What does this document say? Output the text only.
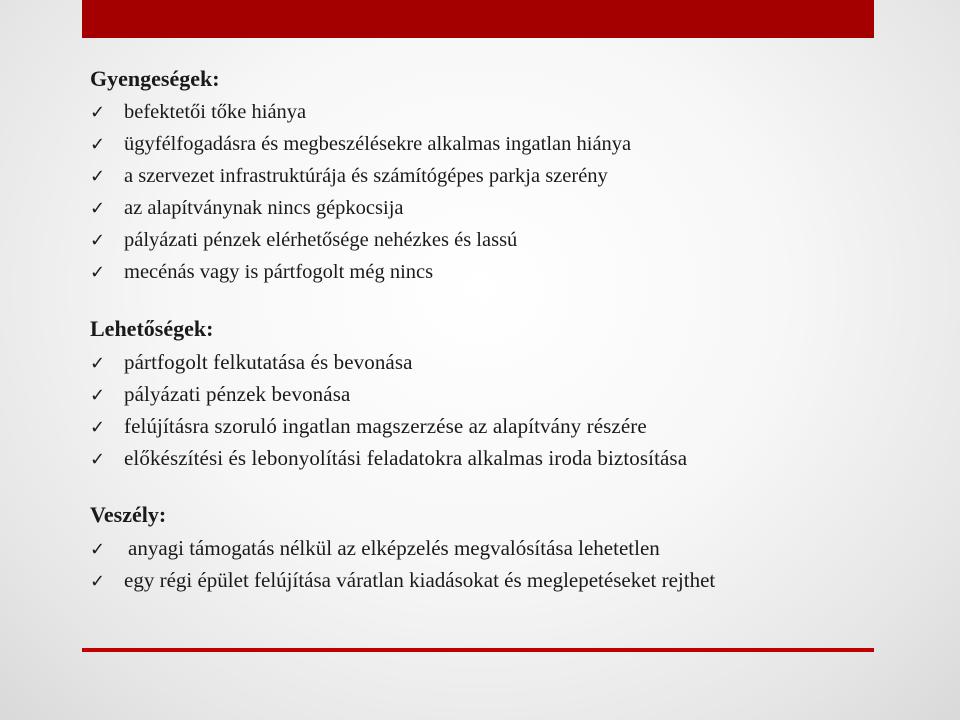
Gyengeségek:

✓ befektetői tőke hiánya
✓ ügyfélfogadásra és megbeszélésekre alkalmas ingatlan hiánya
✓ a szervezet infrastruktúrája és számítógépes parkja szerény
✓ az alapítványnak nincs gépkocsija
✓ pályázati pénzek elérhetősége nehézkes és lassú
✓ mecénás vagy is pártfogolt még nincs

Lehetőségek:

✓ pártfogolt felkutatása és bevonása
✓ pályázati pénzek bevonása
✓ felújításra szoruló ingatlan magszerzése az alapítvány részére
✓ előkészítési és lebonyolítási feladatokra alkalmas iroda biztosítása

Veszély:

✓	anyagi támogatás nélkül az elképzelés megvalósítása lehetetlen
✓ egy régi épület felújítása váratlan kiadásokat és meglepetéseket rejthet
